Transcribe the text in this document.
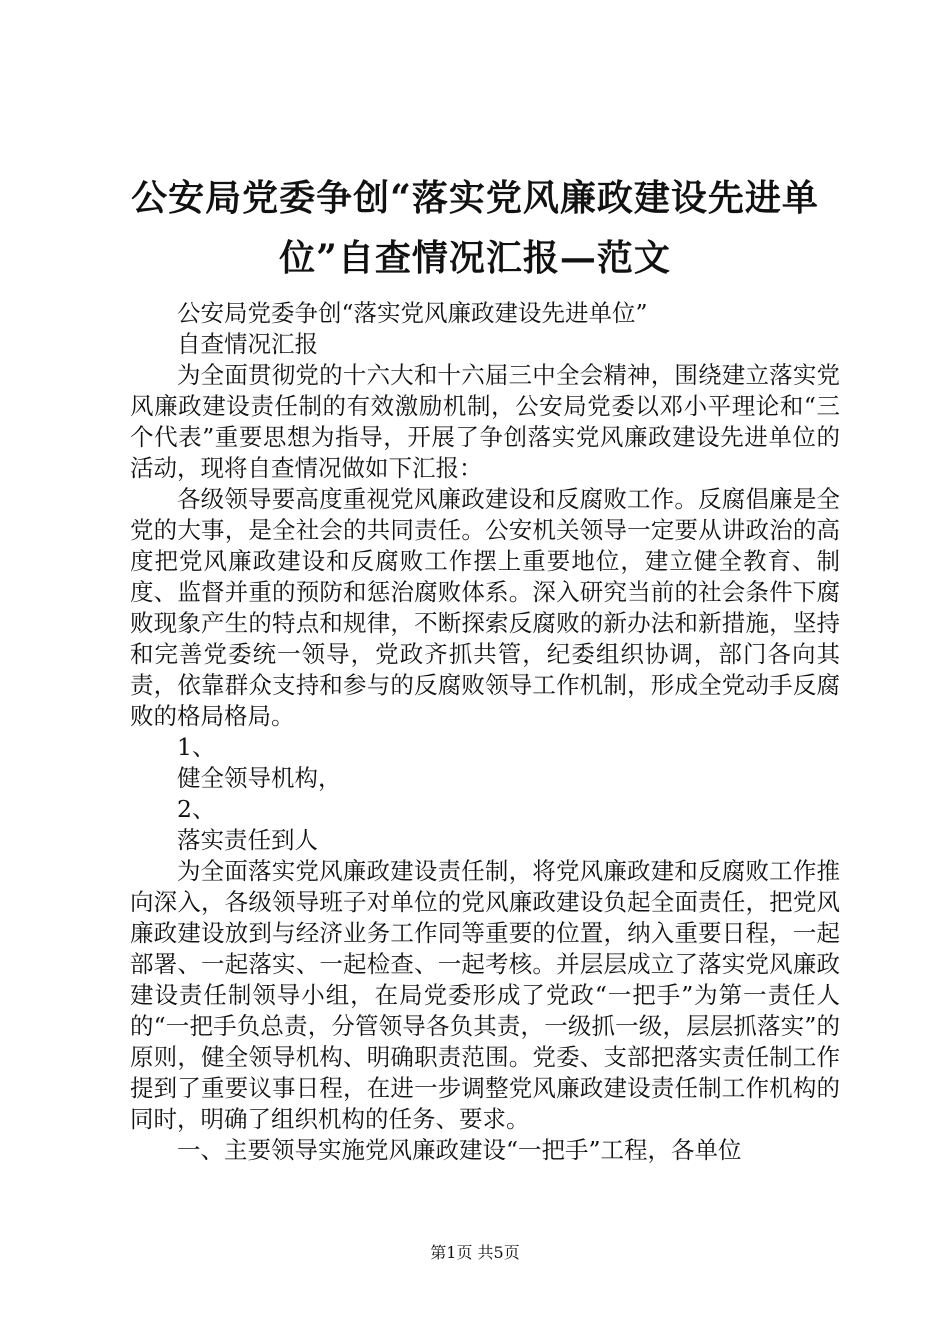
公安局党委争创“落实党风廉政建设先进单
位”自查情况汇报—范文

公安局党委争创“落实党风廉政建设先进单位”

自查情况汇报

为全面贯彻党的十六大和十六届三中全会精神，围绕建立落实党风廉政建设责任制的有效激励机制，公安局党委以邓小平理论和“三个代表”重要思想为指导，开展了争创落实党风廉政建设先进单位的活动，现将自查情况做如下汇报：

各级领导要高度重视党风廉政建设和反腐败工作。反腐倡廉是全党的大事，是全社会的共同责任。公安机关领导一定要从讲政治的高度把党风廉政建设和反腐败工作摆上重要地位，建立健全教育、制度、监督并重的预防和惩治腐败体系。深入研究当前的社会条件下腐败现象产生的特点和规律，不断探索反腐败的新办法和新措施，坚持和完善党委统一领导，党政齐抓共管，纪委组织协调，部门各向其责，依靠群众支持和参与的反腐败领导工作机制，形成全党动手反腐败的格局格局。

1、

健全领导机构，

2、

落实责任到人

为全面落实党风廉政建设责任制，将党风廉政建和反腐败工作推向深入，各级领导班子对单位的党风廉政建设负起全面责任，把党风廉政建设放到与经济业务工作同等重要的位置，纳入重要日程，一起部署、一起落实、一起检查、一起考核。并层层成立了落实党风廉政建设责任制领导小组，在局党委形成了党政“一把手”为第一责任人的“一把手负总责，分管领导各负其责，一级抓一级，层层抓落实”的原则，健全领导机构、明确职责范围。党委、支部把落实责任制工作提到了重要议事日程，在进一步调整党风廉政建设责任制工作机构的同时，明确了组织机构的任务、要求。

一、主要领导实施党风廉政建设“一把手”工程，各单位

第1页 共5页
